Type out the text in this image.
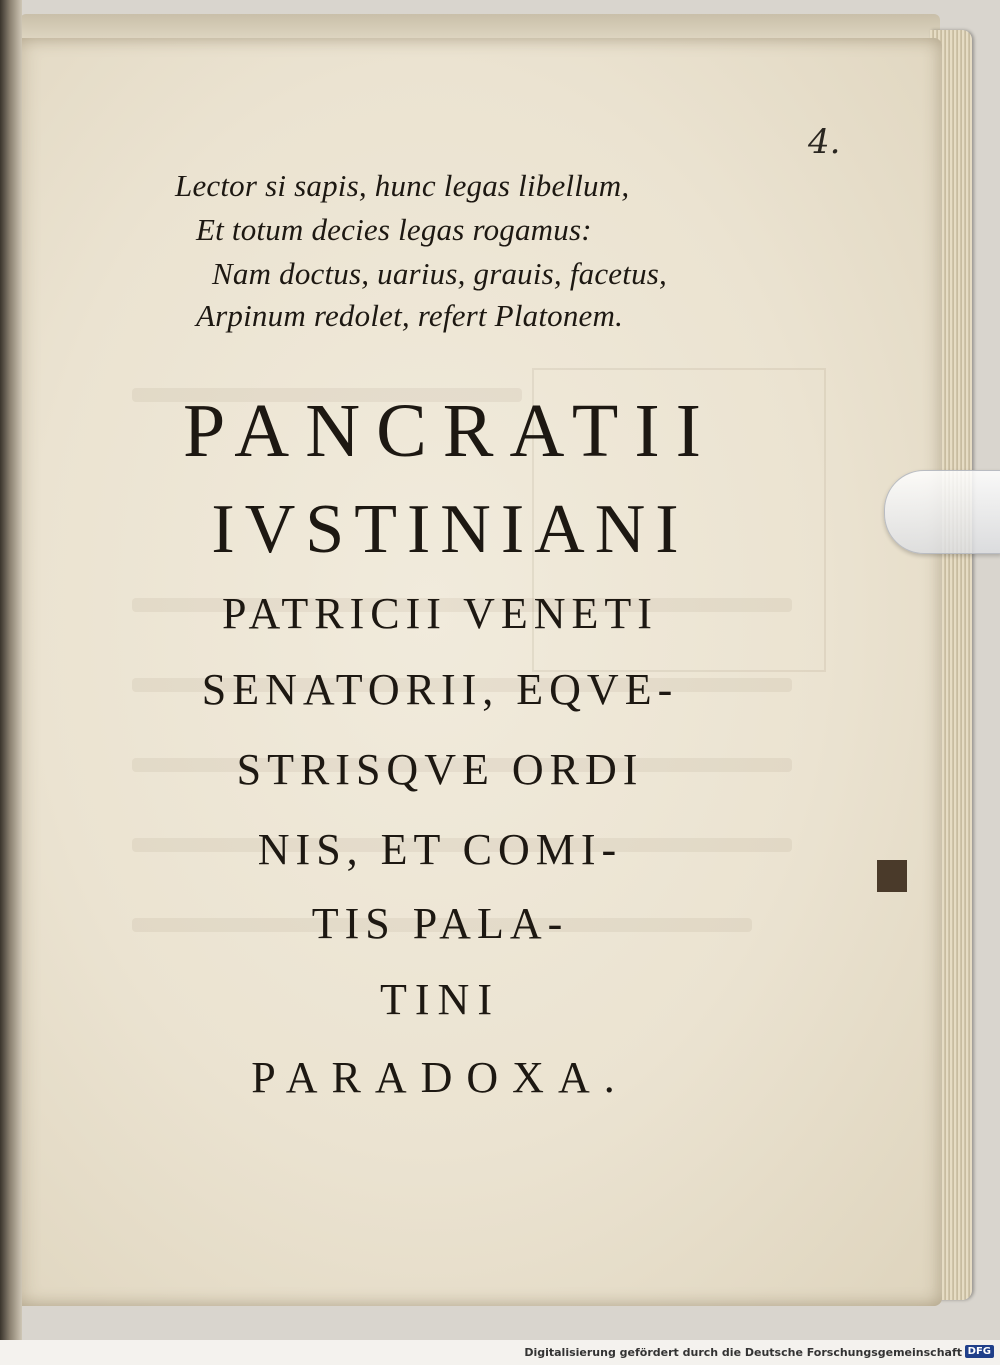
4.

Lector si sapis, hunc legas libellum,

Et totum decies legas rogamus:

Nam doctus, uarius, grauis, facetus,

Arpinum redolet, refert Platonem.

PANCRATII

IVSTINIANI

PATRICII VENETI

SENATORII, EQVE-

STRISQVE ORDI

NIS, ET COMI-

TIS PALA-

TINI

PARADOXA.

Digitalisierung gefördert durch die Deutsche Forschungsgemeinschaft DFG
